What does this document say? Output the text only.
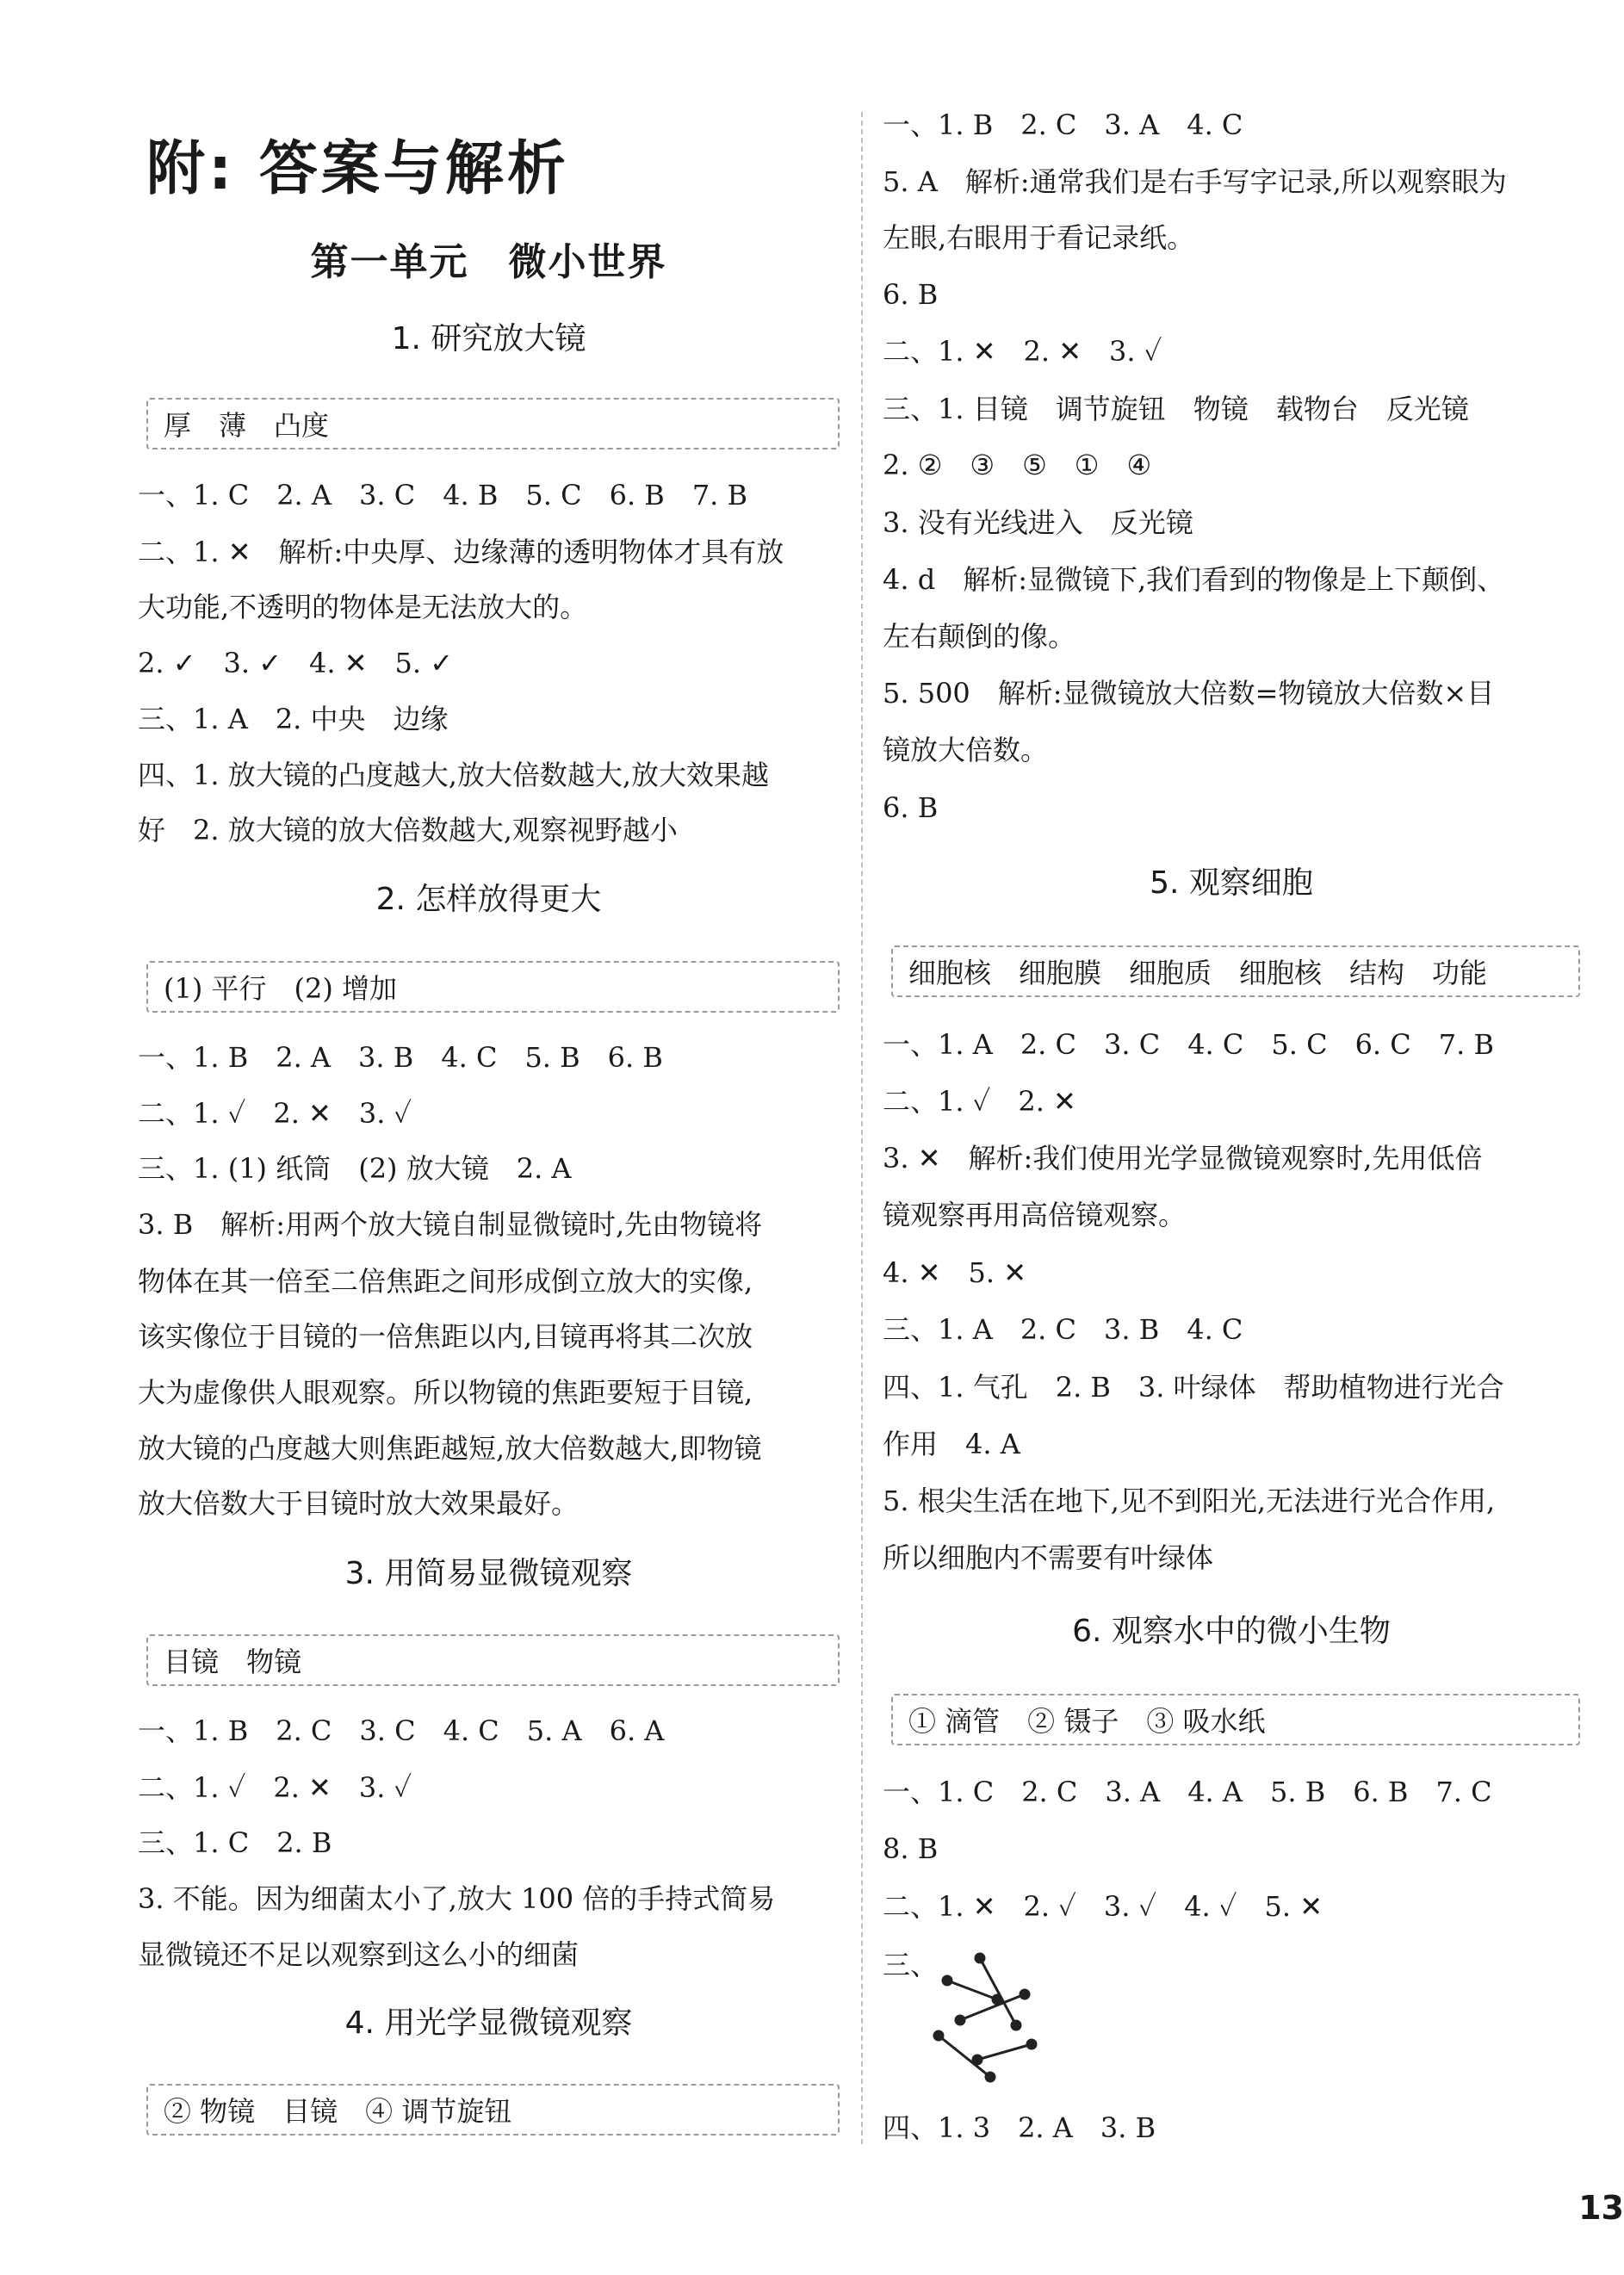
附: 答案与解析
第一单元　微小世界
1. 研究放大镜
厚　薄　凸度
一、1. C　2. A　3. C　4. B　5. C　6. B　7. B
二、1. ✕　解析:中央厚、边缘薄的透明物体才具有放
大功能,不透明的物体是无法放大的。
2. ✓　3. ✓　4. ✕　5. ✓
三、1. A　2. 中央　边缘
四、1. 放大镜的凸度越大,放大倍数越大,放大效果越
好　2. 放大镜的放大倍数越大,观察视野越小
2. 怎样放得更大
(1) 平行　(2) 增加
一、1. B　2. A　3. B　4. C　5. B　6. B
二、1. ✓　2. ✕　3. ✓
三、1. (1) 纸筒　(2) 放大镜　2. A
3. B　解析:用两个放大镜自制显微镜时,先由物镜将
物体在其一倍至二倍焦距之间形成倒立放大的实像,
该实像位于目镜的一倍焦距以内,目镜再将其二次放
大为虚像供人眼观察。所以物镜的焦距要短于目镜,
放大镜的凸度越大则焦距越短,放大倍数越大,即物镜
放大倍数大于目镜时放大效果最好。
3. 用简易显微镜观察
目镜　物镜
一、1. B　2. C　3. C　4. C　5. A　6. A
二、1. ✓　2. ✕　3. ✓
三、1. C　2. B
3. 不能。因为细菌太小了,放大 100 倍的手持式简易
显微镜还不足以观察到这么小的细菌
4. 用光学显微镜观察
② 物镜　目镜　④ 调节旋钮
一、1. B　2. C　3. A　4. C
5. A　解析:通常我们是右手写字记录,所以观察眼为
左眼,右眼用于看记录纸。
6. B
二、1. ✕　2. ✕　3. ✓
三、1. 目镜　调节旋钮　物镜　载物台　反光镜
2. ②　③　⑤　①　④
3. 没有光线进入　反光镜
4. d　解析:显微镜下,我们看到的物像是上下颠倒、
左右颠倒的像。
5. 500　解析:显微镜放大倍数=物镜放大倍数×目
镜放大倍数。
6. B
5. 观察细胞
细胞核　细胞膜　细胞质　细胞核　结构　功能
一、1. A　2. C　3. C　4. C　5. C　6. C　7. B
二、1. ✓　2. ✕
3. ✕　解析:我们使用光学显微镜观察时,先用低倍
镜观察再用高倍镜观察。
4. ✕　5. ✕
三、1. A　2. C　3. B　4. C
四、1. 气孔　2. B　3. 叶绿体　帮助植物进行光合
作用　4. A
5. 根尖生活在地下,见不到阳光,无法进行光合作用,
所以细胞内不需要有叶绿体
6. 观察水中的微小生物
① 滴管　② 镊子　③ 吸水纸
一、1. C　2. C　3. A　4. A　5. B　6. B　7. C
8. B
二、1. ✕　2. ✓　3. ✓　4. ✓　5. ✕
三、
四、1. 3　2. A　3. B
13
